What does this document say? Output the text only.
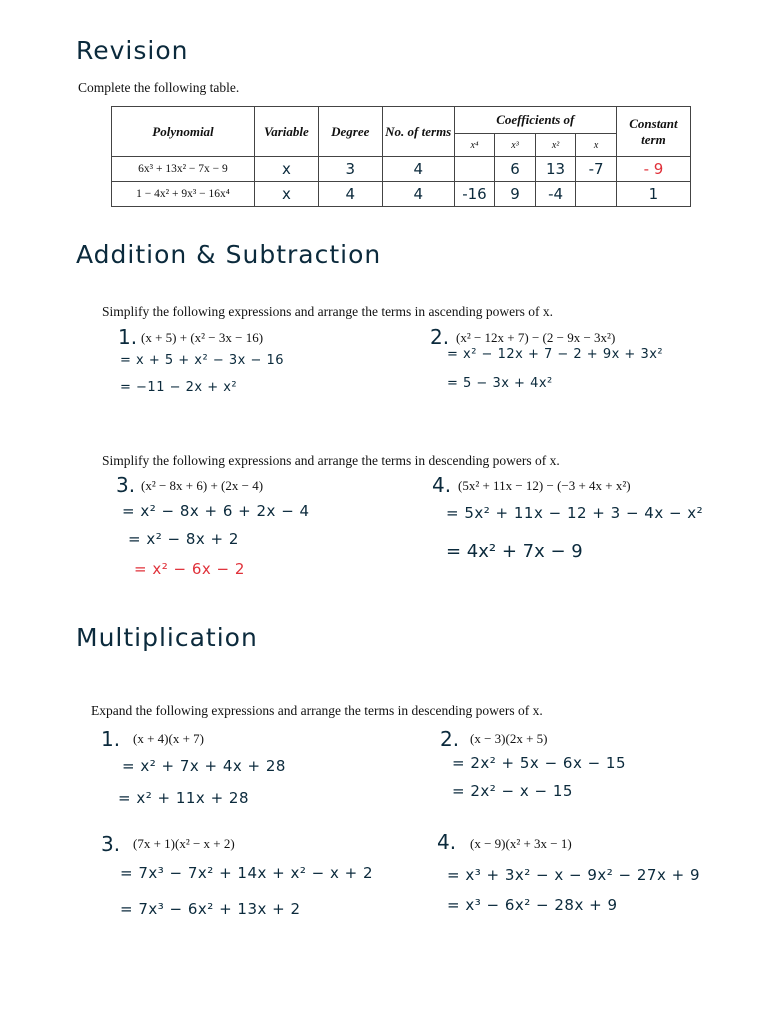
Revision
Complete the following table.
Polynomial	Variable	Degree	No. of terms	Coefficients of				Constant term
				x⁴	x³	x²	x	
6x³ + 13x² − 7x − 9	x	3	4		6	13	-7	- 9
1 − 4x² + 9x³ − 16x⁴	x	4	4	-16	9	-4		1
Addition & Subtraction
Simplify the following expressions and arrange the terms in ascending powers of x.
1. (x + 5) + (x² − 3x − 16)
= x + 5 + x² − 3x − 16
= −11 − 2x + x²
2. (x² − 12x + 7) − (2 − 9x − 3x²)
= x² − 12x + 7 − 2 + 9x + 3x²
= 5 − 3x + 4x²
Simplify the following expressions and arrange the terms in descending powers of x.
3. (x² − 8x + 6) + (2x − 4)
= x² − 8x + 6 + 2x − 4
= x² − 8x + 2
= x² − 6x − 2
4. (5x² + 11x − 12) − (−3 + 4x + x²)
= 5x² + 11x − 12 + 3 − 4x − x²
= 4x² + 7x − 9
Multiplication
Expand the following expressions and arrange the terms in descending powers of x.
1. (x + 4)(x + 7)
= x² + 7x + 4x + 28
= x² + 11x + 28
2. (x − 3)(2x + 5)
= 2x² + 5x − 6x − 15
= 2x² − x − 15
3. (7x + 1)(x² − x + 2)
= 7x³ − 7x² + 14x + x² − x + 2
= 7x³ − 6x² + 13x + 2
4. (x − 9)(x² + 3x − 1)
= x³ + 3x² − x − 9x² − 27x + 9
= x³ − 6x² − 28x + 9
